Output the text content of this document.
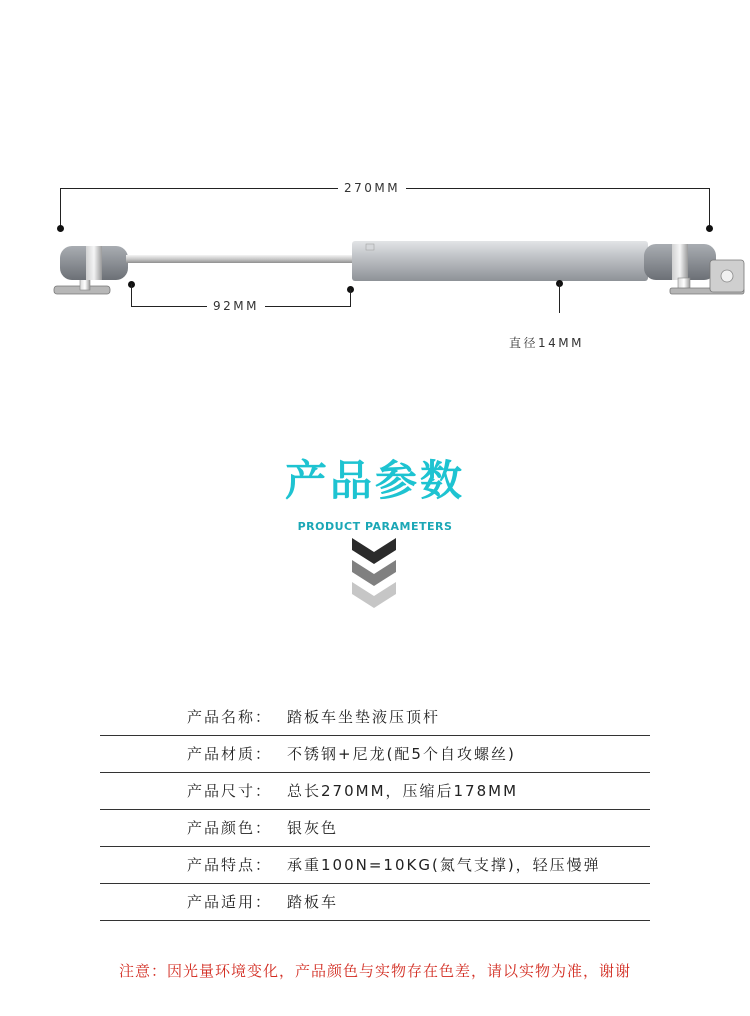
270MM
92MM
直径14MM
产品参数
PRODUCT PARAMETERS
产品名称： 踏板车坐垫液压顶杆
产品材质： 不锈钢+尼龙(配5个自攻螺丝)
产品尺寸： 总长270MM，压缩后178MM
产品颜色： 银灰色
产品特点： 承重100N=10KG(氮气支撑)，轻压慢弹
产品适用： 踏板车
注意：因光量环境变化，产品颜色与实物存在色差，请以实物为准，谢谢
